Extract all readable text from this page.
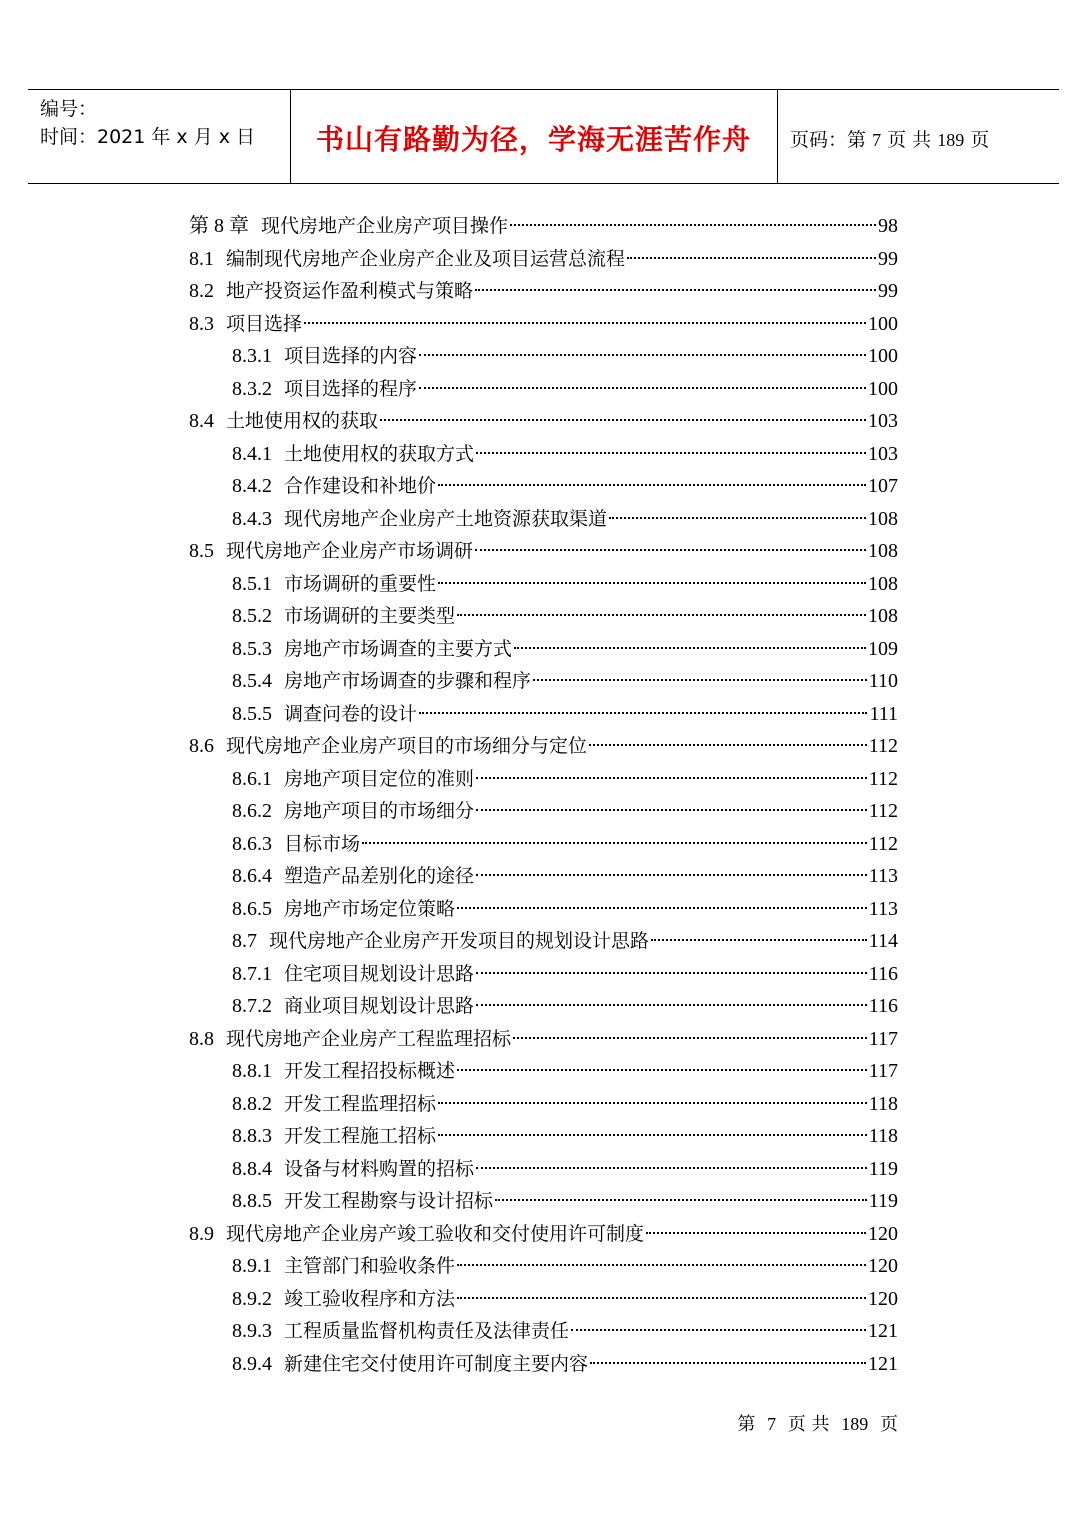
编号：
时间：2021 年 x 月 x 日	书山有路勤为径，学海无涯苦作舟	页码：第 7 页 共 189 页
第 8 章 现代房地产企业房产项目操作	98
8.1 编制现代房地产企业房产企业及项目运营总流程	99
8.2 地产投资运作盈利模式与策略	99
8.3 项目选择	100
8.3.1 项目选择的内容	100
8.3.2 项目选择的程序	100
8.4 土地使用权的获取	103
8.4.1 土地使用权的获取方式	103
8.4.2 合作建设和补地价	107
8.4.3 现代房地产企业房产土地资源获取渠道	108
8.5 现代房地产企业房产市场调研	108
8.5.1 市场调研的重要性	108
8.5.2 市场调研的主要类型	108
8.5.3 房地产市场调查的主要方式	109
8.5.4 房地产市场调查的步骤和程序	110
8.5.5 调查问卷的设计	111
8.6 现代房地产企业房产项目的市场细分与定位	112
8.6.1 房地产项目定位的准则	112
8.6.2 房地产项目的市场细分	112
8.6.3 目标市场	112
8.6.4 塑造产品差别化的途径	113
8.6.5 房地产市场定位策略	113
8.7 现代房地产企业房产开发项目的规划设计思路	114
8.7.1 住宅项目规划设计思路	116
8.7.2 商业项目规划设计思路	116
8.8 现代房地产企业房产工程监理招标	117
8.8.1 开发工程招投标概述	117
8.8.2 开发工程监理招标	118
8.8.3 开发工程施工招标	118
8.8.4 设备与材料购置的招标	119
8.8.5 开发工程勘察与设计招标	119
8.9 现代房地产企业房产竣工验收和交付使用许可制度	120
8.9.1 主管部门和验收条件	120
8.9.2 竣工验收程序和方法	120
8.9.3 工程质量监督机构责任及法律责任	121
8.9.4 新建住宅交付使用许可制度主要内容	121
第 7 页 共 189 页
